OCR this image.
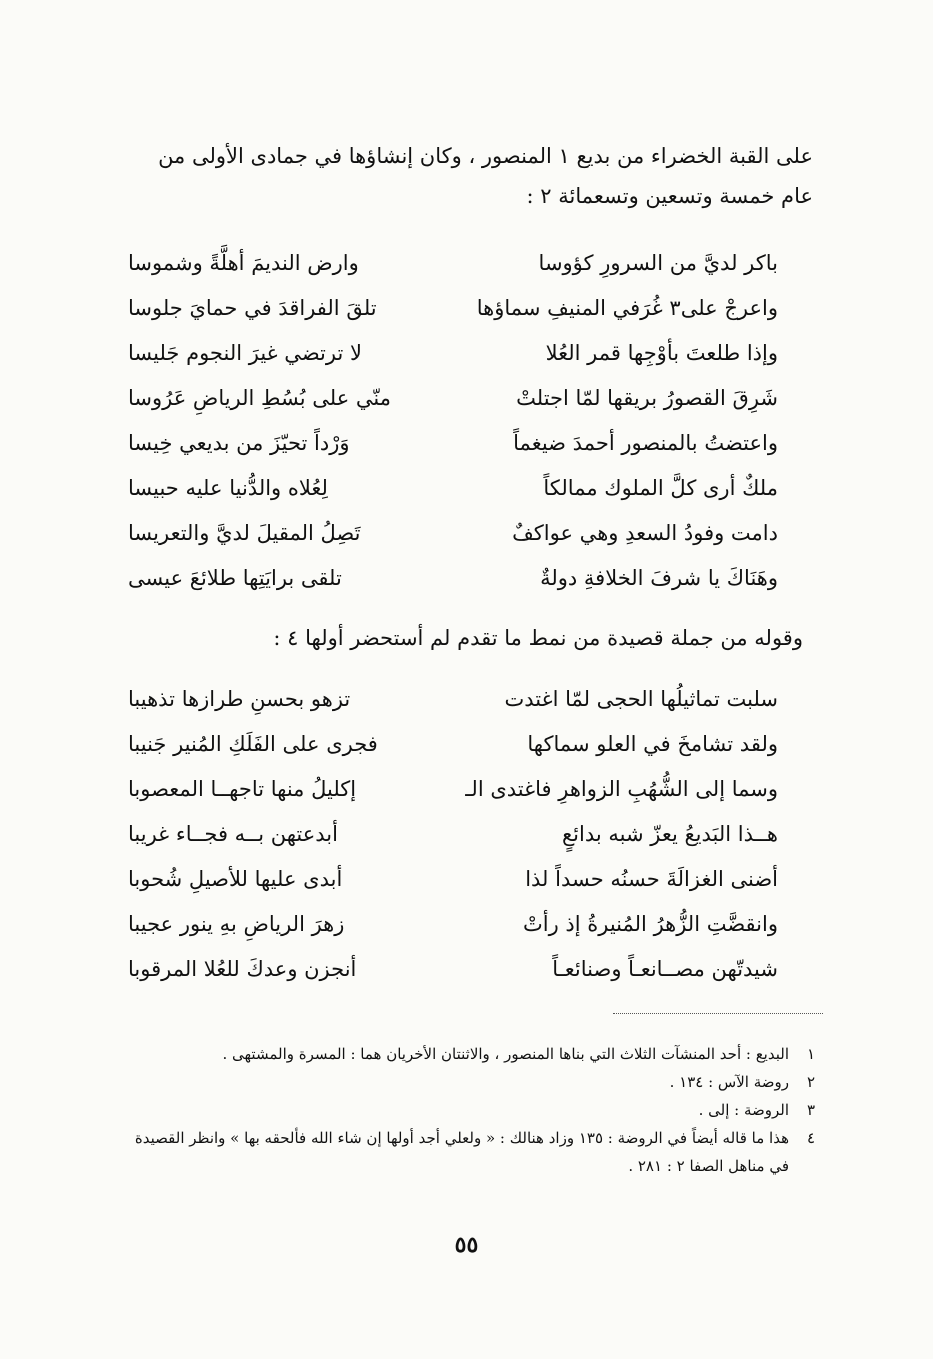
على القبة الخضراء من بديع ١ المنصور ، وكان إنشاؤها في جمادى الأولى من

عام خمسة وتسعين وتسعمائة ٢ :

باكر لديَّ من السرورِ كؤوسا
وارض النديمَ أهلَّةً وشموسا
واعرجْ على٣ غُرَفي المنيفِ سماؤها
تلقَ الفراقدَ في حمايَ جلوسا
وإذا طلعتَ بأوْجِها قمر العُلا
لا ترتضي غيرَ النجوم جَليسا
شَرِقَ القصورُ بريقها لمّا اجتلتْ
منّي على بُسُطِ الرياضِ عَرُوسا
واعتضتُ بالمنصور أحمدَ ضيغماً
وَرْداً تحيّزَ من بديعي خِيسا
ملكٌ أرى كلَّ الملوك ممالكاً
لِعُلاه والدُّنيا عليه حبيسا
دامت وفودُ السعدِ وهي عواكفٌ
تَصِلُ المقيلَ لديَّ والتعريسا
وهَنَاكَ يا شرفَ الخلافةِ دولةٌ
تلقى برايَتِها طلائعَ عيسى
وقوله من جملة قصيدة من نمط ما تقدم لم أستحضر أولها ٤ :
سلبت تماثيلُها الحجى لمّا اغتدت
تزهو بحسنِ طرازها تذهيبا
ولقد تشامخَ في العلو سماكها
فجرى على الفَلَكِ المُنير جَنيبا
وسما إلى الشُّهُبِ الزواهرِ فاغتدى الـ
إكليلُ منها تاجهــا المعصوبا
هــذا البَديعُ يعزّ شبه بدائعٍ
أبدعتهن بــه فجــاء غريبا
أضنى الغزالَةَ حسنُه حسداً لذا
أبدى عليها للأصيلِ شُحوبا
وانقضَّتِ الزُّهرُ المُنيرةُ إذ رأتْ
زهرَ الرياضِ بهِ ينور عجيبا
شيدتّهن مصــانعـاً وصنائعـاً
أنجزن وعدكَ للعُلا المرقوبا
١
البديع : أحد المنشآت الثلاث التي بناها المنصور ، والاثنتان الأخريان هما : المسرة والمشتهى .
٢
روضة الآس : ١٣٤ .
٣
الروضة : إلى .
٤
هذا ما قاله أيضاً في الروضة : ١٣٥ وزاد هنالك : « ولعلي أجد أولها إن شاء الله فألحقه بها » وانظر القصيدة في مناهل الصفا ٢ : ٢٨١ .
٥٥
